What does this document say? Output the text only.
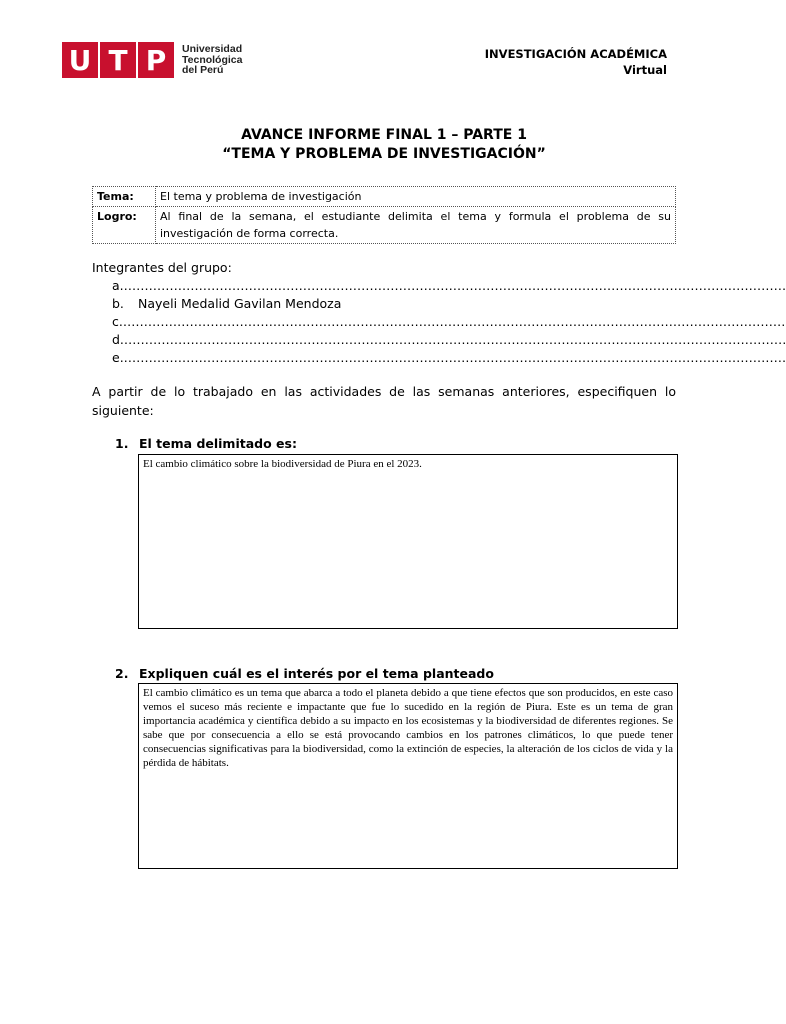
U T P	Universidad
Tecnológica
del Perú
INVESTIGACIÓN ACADÉMICA
Virtual
AVANCE INFORME FINAL 1 – PARTE 1
“TEMA Y PROBLEMA DE INVESTIGACIÓN”
Tema:	El tema y problema de investigación
Logro:	Al final de la semana, el estudiante delimita el tema y formula el problema de su investigación de forma correcta.
Integrantes del grupo:
a. ……………………………………………………………………………………………………………………………………………
b.	Nayeli Medalid Gavilan Mendoza
c. ……………………………………………………………………………………………………………………………………………
d. ……………………………………………………………………………………………………………………………………………
e. ……………………………………………………………………………………………………………………………………………
A partir de lo trabajado en las actividades de las semanas anteriores, especifiquen lo siguiente:
1. El tema delimitado es:
El cambio climático sobre la biodiversidad de Piura en el 2023.
2. Expliquen cuál es el interés por el tema planteado
El cambio climático es un tema que abarca a todo el planeta debido a que tiene efectos que son producidos, en este caso vemos el suceso más reciente e impactante que fue lo sucedido en la región de Piura. Este es un tema de gran importancia académica y científica debido a su impacto en los ecosistemas y la biodiversidad de diferentes regiones. Se sabe que por consecuencia a ello se está provocando cambios en los patrones climáticos, lo que puede tener consecuencias significativas para la biodiversidad, como la extinción de especies, la alteración de los ciclos de vida y la pérdida de hábitats.
